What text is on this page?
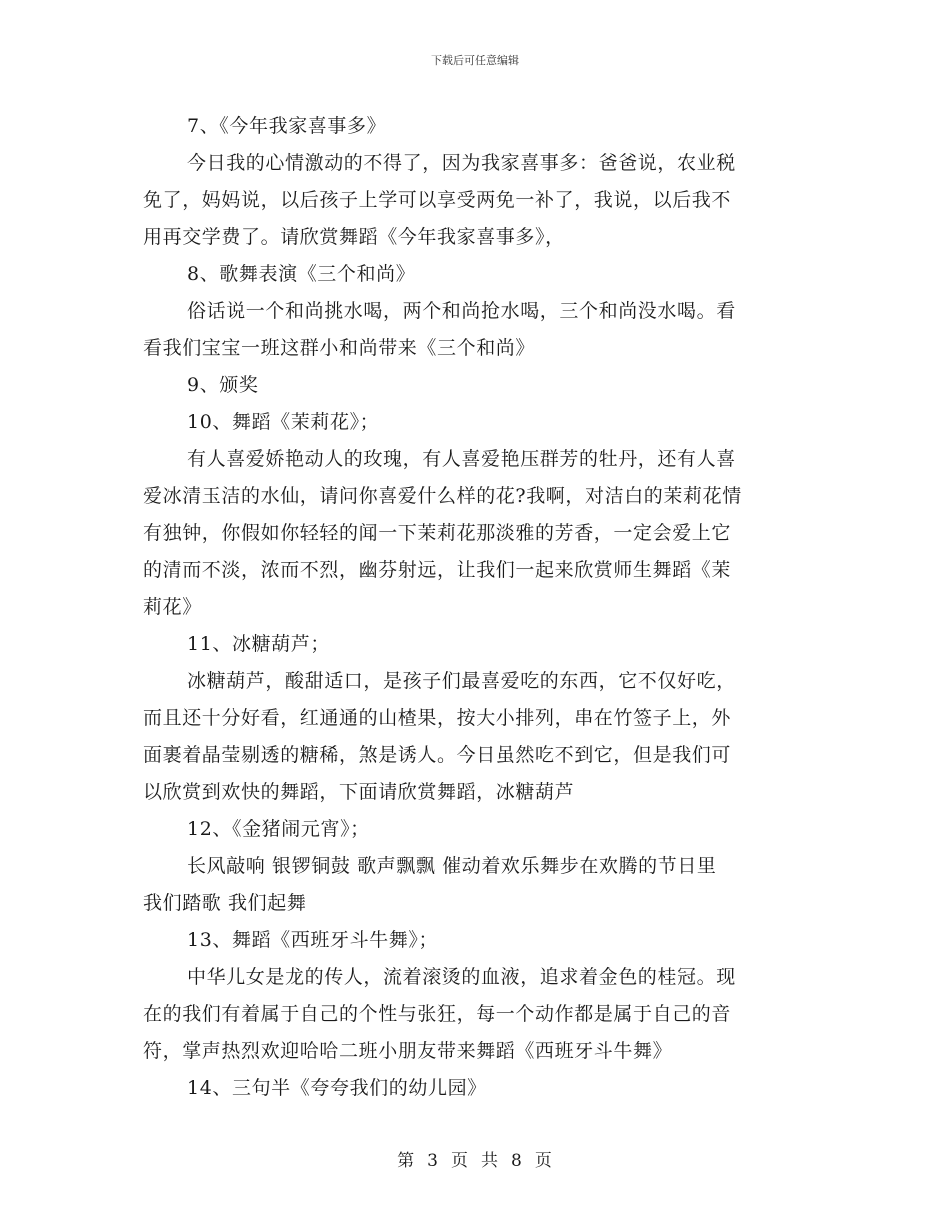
下载后可任意编辑
7、《今年我家喜事多》
今日我的心情激动的不得了，因为我家喜事多：爸爸说，农业税
免了，妈妈说，以后孩子上学可以享受两免一补了，我说，以后我不
用再交学费了。请欣赏舞蹈《今年我家喜事多》，
8、歌舞表演《三个和尚》
俗话说一个和尚挑水喝，两个和尚抢水喝，三个和尚没水喝。看
看我们宝宝一班这群小和尚带来《三个和尚》
9、颁奖
10、舞蹈《茉莉花》；
有人喜爱娇艳动人的玫瑰，有人喜爱艳压群芳的牡丹，还有人喜
爱冰清玉洁的水仙，请问你喜爱什么样的花?我啊，对洁白的茉莉花情
有独钟，你假如你轻轻的闻一下茉莉花那淡雅的芳香，一定会爱上它
的清而不淡，浓而不烈，幽芬射远，让我们一起来欣赏师生舞蹈《茉
莉花》
11、冰糖葫芦；
冰糖葫芦，酸甜适口，是孩子们最喜爱吃的东西，它不仅好吃，
而且还十分好看，红通通的山楂果，按大小排列，串在竹签子上，外
面裹着晶莹剔透的糖稀，煞是诱人。今日虽然吃不到它，但是我们可
以欣赏到欢快的舞蹈，下面请欣赏舞蹈，冰糖葫芦
12、《金猪闹元宵》；
长风敲响 银锣铜鼓 歌声飘飘 催动着欢乐舞步在欢腾的节日里
我们踏歌 我们起舞
13、舞蹈《西班牙斗牛舞》；
中华儿女是龙的传人，流着滚烫的血液，追求着金色的桂冠。现
在的我们有着属于自己的个性与张狂，每一个动作都是属于自己的音
符，掌声热烈欢迎哈哈二班小朋友带来舞蹈《西班牙斗牛舞》
14、三句半《夸夸我们的幼儿园》
第 3 页 共 8 页
